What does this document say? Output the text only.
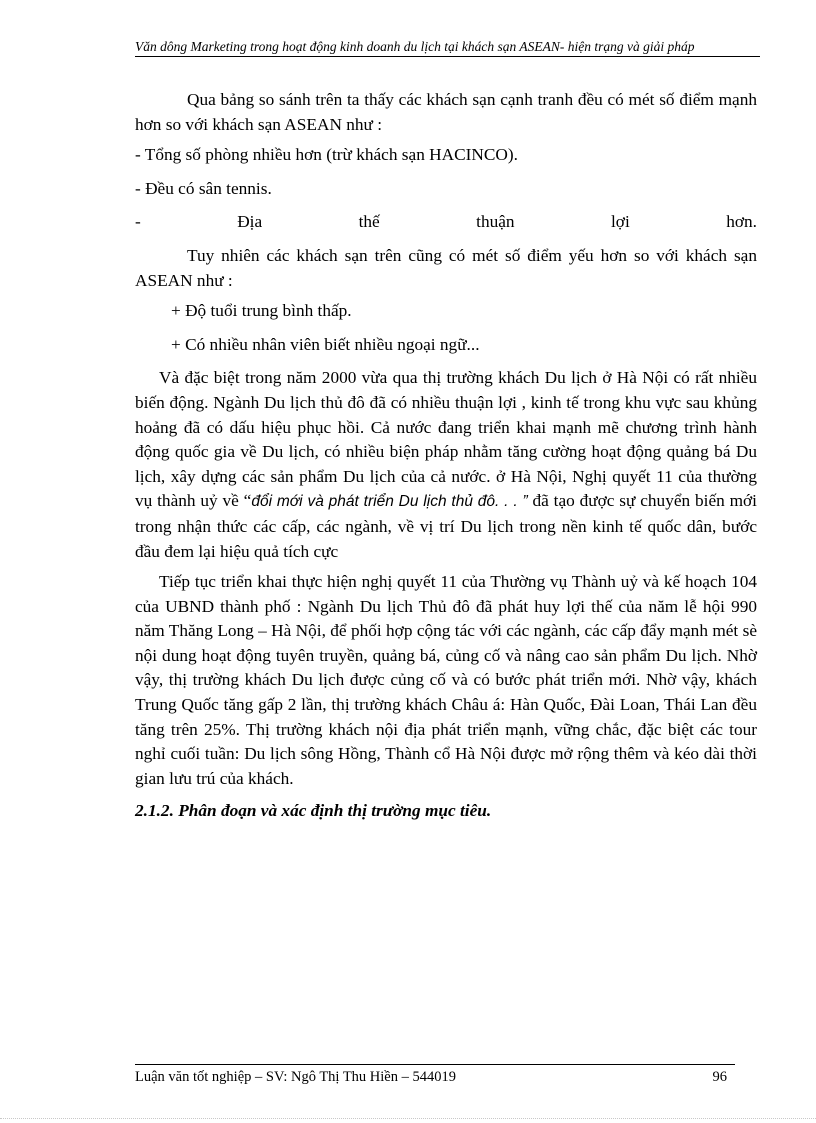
Văn dông Marketing trong hoạt động kinh doanh du lịch tại khách sạn ASEAN- hiện trạng và giải pháp

Qua bảng so sánh trên ta thấy các khách sạn cạnh tranh đều có mét số điểm mạnh hơn so với khách sạn ASEAN như :

- Tổng số phòng nhiều hơn (trừ khách sạn HACINCO).

- Đều có sân tennis.

-	Địa	thế	thuận	lợi	hơn.

Tuy nhiên các khách sạn trên cũng có mét số điểm yếu hơn so với khách sạn ASEAN như :

+ Độ tuổi trung bình thấp.

+ Có nhiều nhân viên biết nhiều ngoại ngữ...

Và đặc biệt trong năm 2000 vừa qua thị trường khách Du lịch ở Hà Nội có rất nhiều biến động. Ngành Du lịch thủ đô đã có nhiều thuận lợi , kinh tế trong khu vực sau khủng hoảng đã có dấu hiệu phục hồi. Cả nước đang triển khai mạnh mẽ chương trình hành động quốc gia về Du lịch, có nhiều biện pháp nhằm tăng cường hoạt động quảng bá Du lịch, xây dựng các sản phẩm Du lịch của cả nước. ở Hà Nội, Nghị quyết 11 của thường vụ thành uỷ về “đổi mới và phát triển Du lịch thủ đô. . . ” đã tạo được sự chuyển biến mới trong nhận thức các cấp, các ngành, về vị trí Du lịch trong nền kinh tế quốc dân, bước đầu đem lại hiệu quả tích cực

Tiếp tục triển khai thực hiện nghị quyết 11 của Thường vụ Thành uỷ và kế hoạch 104 của UBND thành phố : Ngành Du lịch Thủ đô đã phát huy lợi thế của năm lễ hội 990 năm Thăng Long – Hà Nội, để phối hợp cộng tác với các ngành, các cấp đẩy mạnh mét sè nội dung hoạt động tuyên truyền, quảng bá, củng cố và nâng cao sản phẩm Du lịch. Nhờ vậy, thị trường khách Du lịch được củng cố và có bước phát triển mới. Nhờ vậy, khách Trung Quốc tăng gấp 2 lần, thị trường khách Châu á: Hàn Quốc, Đài Loan, Thái Lan đều tăng trên 25%. Thị trường khách nội địa phát triển mạnh, vững chắc, đặc biệt các tour nghỉ cuối tuần: Du lịch sông Hồng, Thành cổ Hà Nội được mở rộng thêm và kéo dài thời gian lưu trú của khách.

2.1.2. Phân đoạn và xác định thị trường mục tiêu.

Luận văn tốt nghiệp – SV: Ngô Thị Thu Hiền – 544019	96
